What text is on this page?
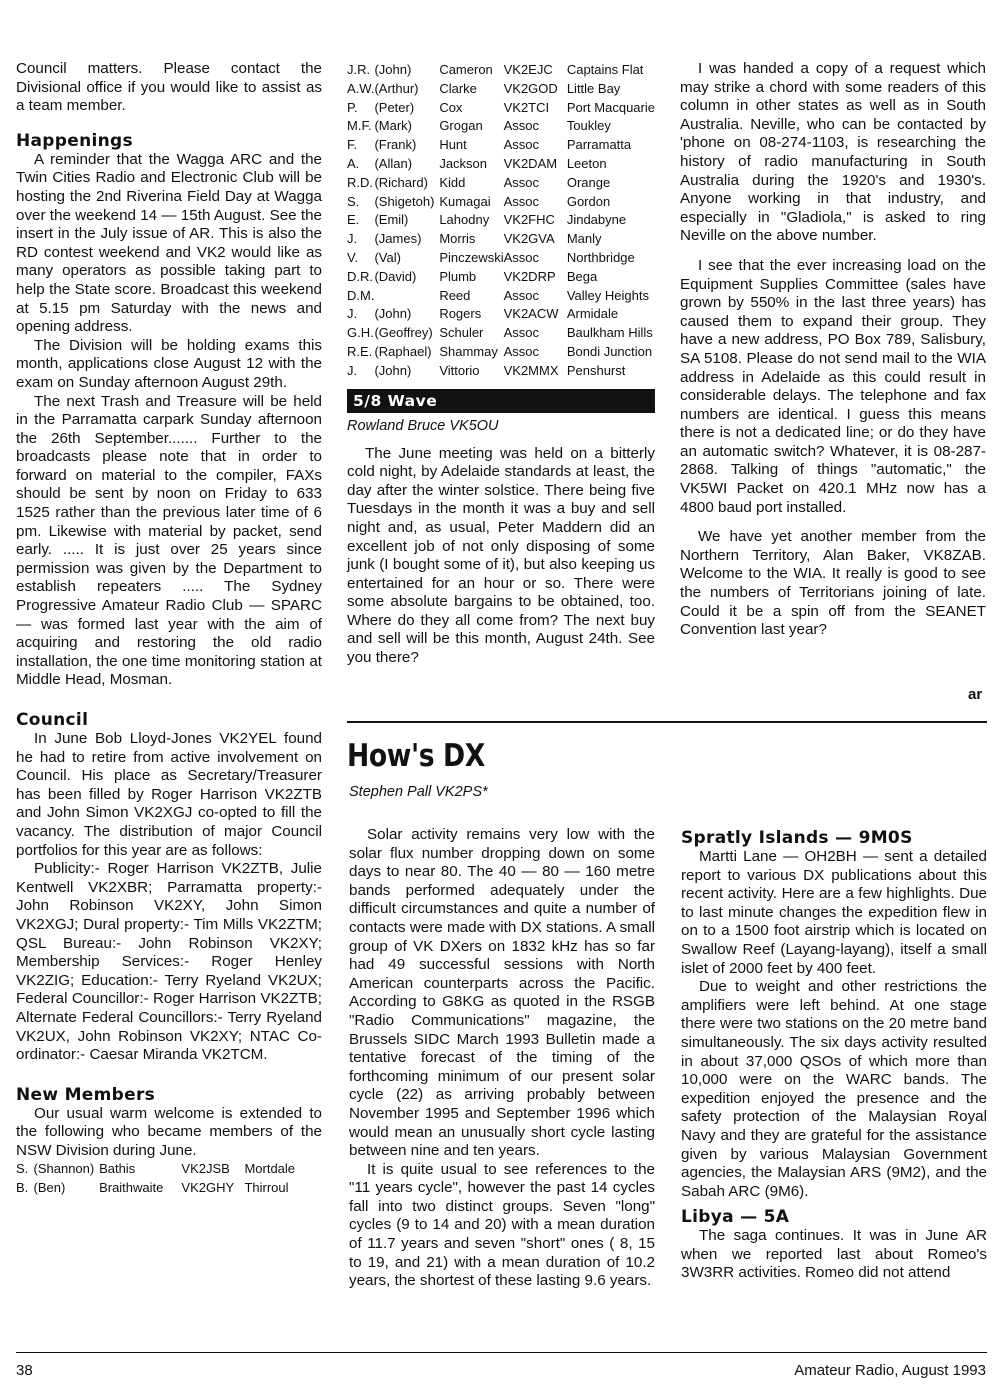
Council matters. Please contact the Divisional office if you would like to assist as a team member.

Happenings

A reminder that the Wagga ARC and the Twin Cities Radio and Electronic Club will be hosting the 2nd Riverina Field Day at Wagga over the weekend 14 — 15th August. See the insert in the July issue of AR. This is also the RD contest weekend and VK2 would like as many operators as possible taking part to help the State score. Broadcast this weekend at 5.15 pm Saturday with the news and opening address.

The Division will be holding exams this month, applications close August 12 with the exam on Sunday afternoon August 29th.

The next Trash and Treasure will be held in the Parramatta carpark Sunday afternoon the 26th September....... Further to the broadcasts please note that in order to forward on material to the compiler, FAXs should be sent by noon on Friday to 633 1525 rather than the previous later time of 6 pm. Likewise with material by packet, send early. ..... It is just over 25 years since permission was given by the Department to establish repeaters ..... The Sydney Progressive Amateur Radio Club — SPARC — was formed last year with the aim of acquiring and restoring the old radio installation, the one time monitoring station at Middle Head, Mosman.

Council

In June Bob Lloyd-Jones VK2YEL found he had to retire from active involvement on Council. His place as Secretary/Treasurer has been filled by Roger Harrison VK2ZTB and John Simon VK2XGJ co-opted to fill the vacancy. The distribution of major Council portfolios for this year are as follows:

Publicity:- Roger Harrison VK2ZTB, Julie Kentwell VK2XBR; Parramatta property:- John Robinson VK2XY, John Simon VK2XGJ; Dural property:- Tim Mills VK2ZTM; QSL Bureau:- John Robinson VK2XY; Membership Services:- Roger Henley VK2ZIG; Education:- Terry Ryeland VK2UX; Federal Councillor:- Roger Harrison VK2ZTB; Alternate Federal Councillors:- Terry Ryeland VK2UX, John Robinson VK2XY; NTAC Co-ordinator:- Caesar Miranda VK2TCM.

New Members

Our usual warm welcome is extended to the following who became members of the NSW Division during June.

S.	(Shannon)	Bathis	VK2JSB	Mortdale
B.	(Ben)	Braithwaite	VK2GHY	Thirroul
J.R.	(John)	Cameron	VK2EJC	Captains Flat
A.W.	(Arthur)	Clarke	VK2GOD	Little Bay
P.	(Peter)	Cox	VK2TCI	Port Macquarie
M.F.	(Mark)	Grogan	Assoc	Toukley
F.	(Frank)	Hunt	Assoc	Parramatta
A.	(Allan)	Jackson	VK2DAM	Leeton
R.D.	(Richard)	Kidd	Assoc	Orange
S.	(Shigetoh)	Kumagai	Assoc	Gordon
E.	(Emil)	Lahodny	VK2FHC	Jindabyne
J.	(James)	Morris	VK2GVA	Manly
V.	(Val)	Pinczewski	Assoc	Northbridge
D.R.	(David)	Plumb	VK2DRP	Bega
D.M.		Reed	Assoc	Valley Heights
J.	(John)	Rogers	VK2ACW	Armidale
G.H.	(Geoffrey)	Schuler	Assoc	Baulkham Hills
R.E.	(Raphael)	Shammay	Assoc	Bondi Junction
J.	(John)	Vittorio	VK2MMX	Penshurst
5/8 Wave

Rowland Bruce VK5OU

The June meeting was held on a bitterly cold night, by Adelaide standards at least, the day after the winter solstice. There being five Tuesdays in the month it was a buy and sell night and, as usual, Peter Maddern did an excellent job of not only disposing of some junk (I bought some of it), but also keeping us entertained for an hour or so. There were some absolute bargains to be obtained, too. Where do they all come from? The next buy and sell will be this month, August 24th. See you there?

I was handed a copy of a request which may strike a chord with some readers of this column in other states as well as in South Australia. Neville, who can be contacted by 'phone on 08-274-1103, is researching the history of radio manufacturing in South Australia during the 1920's and 1930's. Anyone working in that industry, and especially in "Gladiola," is asked to ring Neville on the above number.

I see that the ever increasing load on the Equipment Supplies Committee (sales have grown by 550% in the last three years) has caused them to expand their group. They have a new address, PO Box 789, Salisbury, SA 5108. Please do not send mail to the WIA address in Adelaide as this could result in considerable delays. The telephone and fax numbers are identical. I guess this means there is not a dedicated line; or do they have an automatic switch? Whatever, it is 08-287-2868. Talking of things "automatic," the VK5WI Packet on 420.1 MHz now has a 4800 baud port installed.

We have yet another member from the Northern Territory, Alan Baker, VK8ZAB. Welcome to the WIA. It really is good to see the numbers of Territorians joining of late. Could it be a spin off from the SEANET Convention last year?

ar
How's DX
Stephen Pall VK2PS*

Solar activity remains very low with the solar flux number dropping down on some days to near 80. The 40 — 80 — 160 metre bands performed adequately under the difficult circumstances and quite a number of contacts were made with DX stations. A small group of VK DXers on 1832 kHz has so far had 49 successful sessions with North American counterparts across the Pacific. According to G8KG as quoted in the RSGB "Radio Communications" magazine, the Brussels SIDC March 1993 Bulletin made a tentative forecast of the timing of the forthcoming minimum of our present solar cycle (22) as arriving probably between November 1995 and September 1996 which would mean an unusually short cycle lasting between nine and ten years.

It is quite usual to see references to the "11 years cycle", however the past 14 cycles fall into two distinct groups. Seven "long" cycles (9 to 14 and 20) with a mean duration of 11.7 years and seven "short" ones ( 8, 15 to 19, and 21) with a mean duration of 10.2 years, the shortest of these lasting 9.6 years.

Spratly Islands — 9M0S

Martti Lane — OH2BH — sent a detailed report to various DX publications about this recent activity. Here are a few highlights. Due to last minute changes the expedition flew in on to a 1500 foot airstrip which is located on Swallow Reef (Layang-layang), itself a small islet of 2000 feet by 400 feet.

Due to weight and other restrictions the amplifiers were left behind. At one stage there were two stations on the 20 metre band simultaneously. The six days activity resulted in about 37,000 QSOs of which more than 10,000 were on the WARC bands. The expedition enjoyed the presence and the safety protection of the Malaysian Royal Navy and they are grateful for the assistance given by various Malaysian Government agencies, the Malaysian ARS (9M2), and the Sabah ARC (9M6).

Libya — 5A

The saga continues. It was in June AR when we reported last about Romeo's 3W3RR activities. Romeo did not attend

38	Amateur Radio, August 1993
